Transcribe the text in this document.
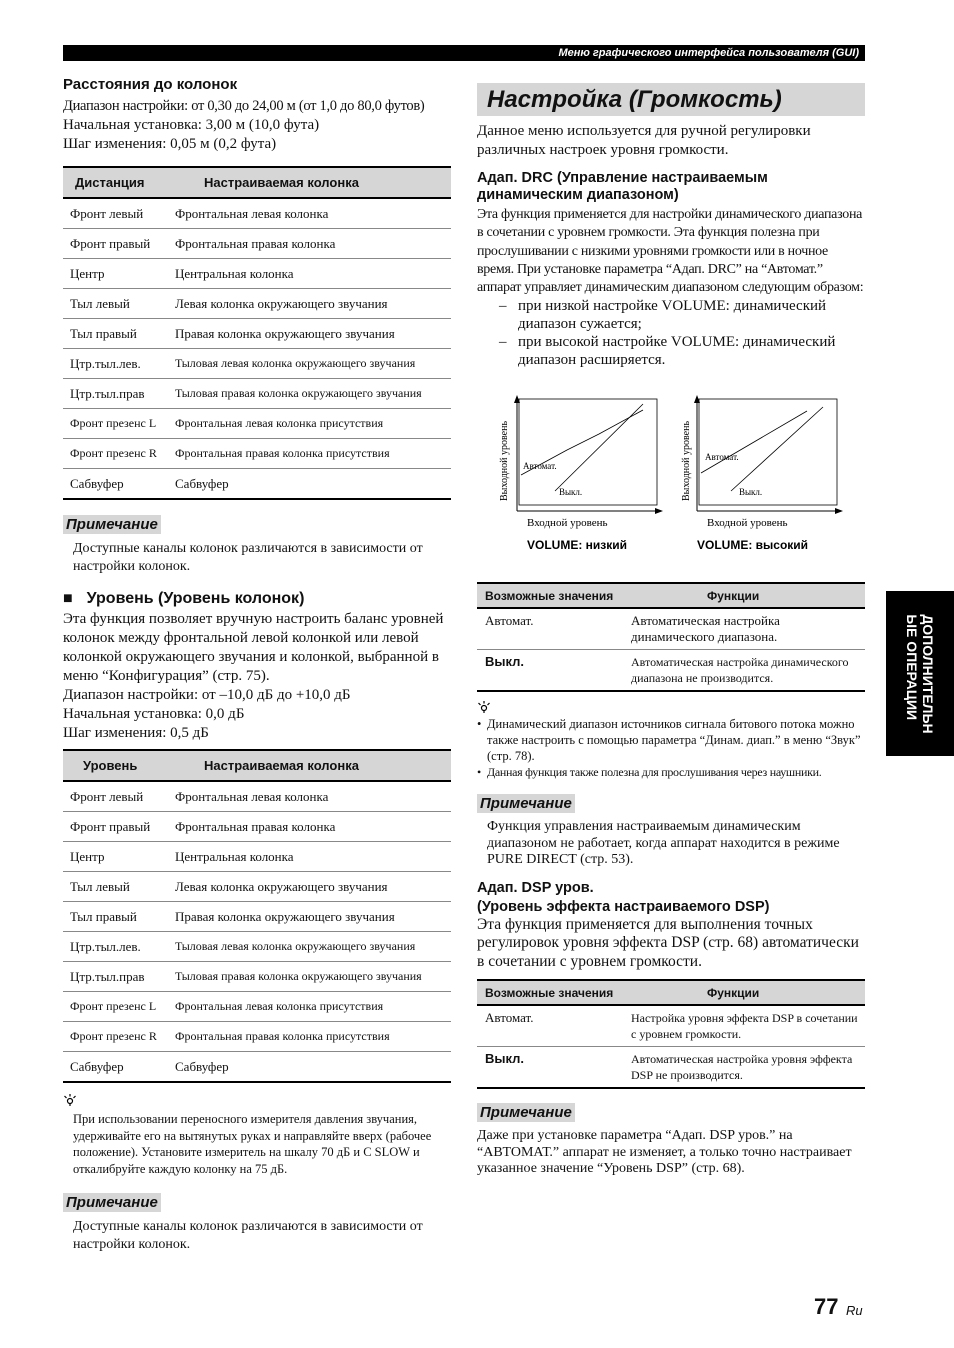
Меню графического интерфейса пользователя (GUI)
Расстояния до колонок

Диапазон настройки: от 0,30 до 24,00 м (от 1,0 до 80,0 футов)

Начальная установка: 3,00 м (10,0 фута)

Шаг изменения: 0,05 м (0,2 фута)

Дистанция	Настраиваемая колонка
Фронт левый	Фронтальная левая колонка
Фронт правый	Фронтальная правая колонка
Центр	Центральная колонка
Тыл левый	Левая колонка окружающего звучания
Тыл правый	Правая колонка окружающего звучания
Цтр.тыл.лев.	Тыловая левая колонка окружающего звучания
Цтр.тыл.прав	Тыловая правая колонка окружающего звучания
Фронт презенс L	Фронтальная левая колонка присутствия
Фронт презенс R	Фронтальная правая колонка присутствия
Сабвуфер	Сабвуфер
Примечание

Доступные каналы колонок различаются в зависимости от настройки колонок.

■ Уровень (Уровень колонок)

Эта функция позволяет вручную настроить баланс уровней колонок между фронтальной левой колонкой или левой колонкой окружающего звучания и колонкой, выбранной в меню “Конфигурация” (стр. 75).

Диапазон настройки: от –10,0 дБ до +10,0 дБ

Начальная установка: 0,0 дБ

Шаг изменения: 0,5 дБ

Уровень	Настраиваемая колонка
Фронт левый	Фронтальная левая колонка
Фронт правый	Фронтальная правая колонка
Центр	Центральная колонка
Тыл левый	Левая колонка окружающего звучания
Тыл правый	Правая колонка окружающего звучания
Цтр.тыл.лев.	Тыловая левая колонка окружающего звучания
Цтр.тыл.прав	Тыловая правая колонка окружающего звучания
Фронт презенс L	Фронтальная левая колонка присутствия
Фронт презенс R	Фронтальная правая колонка присутствия
Сабвуфер	Сабвуфер

При использовании переносного измерителя давления звучания, удерживайте его на вытянутых руках и направляйте вверх (рабочее положение). Установите измеритель на шкалу 70 дБ и C SLOW и откалибруйте каждую колонку на 75 дБ.

Примечание

Доступные каналы колонок различаются в зависимости от настройки колонок.

Настройка (Громкость)

Данное меню используется для ручной регулировки различных настроек уровня громкости.

Адап. DRC (Управление настраиваемым динамическим диапазоном)

Эта функция применяется для настройки динамического диапазона в сочетании с уровнем громкости. Эта функция полезна при прослушивании с низкими уровнями громкости или в ночное время. При установке параметра “Адап. DRC” на “Автомат.” аппарат управляет динамическим диапазоном следующим образом:

– при низкой настройке VOLUME: динамический диапазон сужается;
– при высокой настройке VOLUME: динамический диапазон расширяется.
Выходной уровень Автомат.
Выкл.
Входной уровень
VOLUME: низкий
Выходной уровень Автомат.
Выкл.
Входной уровень
VOLUME: высокий
Возможные значения	Функции
Автомат.	Автоматическая настройка динамического диапазона.
Выкл.	Автоматическая настройка динамического диапазона не производится.
• Динамический диапазон источников сигнала битового потока можно также настроить с помощью параметра “Динам. диап.” в меню “Звук” (стр. 78).
• Данная функция также полезна для прослушивания через наушники.
Примечание

Функция управления настраиваемым динамическим диапазоном не работает, когда аппарат находится в режиме PURE DIRECT (стр. 53).

Адап. DSP уров.
(Уровень эффекта настраиваемого DSP)

Эта функция применяется для выполнения точных регулировок уровня эффекта DSP (стр. 68) автоматически в сочетании с уровнем громкости.

Возможные значения	Функции
Автомат.	Настройка уровня эффекта DSP в сочетании с уровнем громкости.
Выкл.	Автоматическая настройка уровня эффекта DSP не производится.
Примечание

Даже при установке параметра “Адап. DSP уров.” на “АВТОМАТ.” аппарат не изменяет, а только точно настраивает указанное значение “Уровень DSP” (стр. 68).

ДОПОЛНИТЕЛЬН
ЫЕ ОПЕРАЦИИ
77 Ru
